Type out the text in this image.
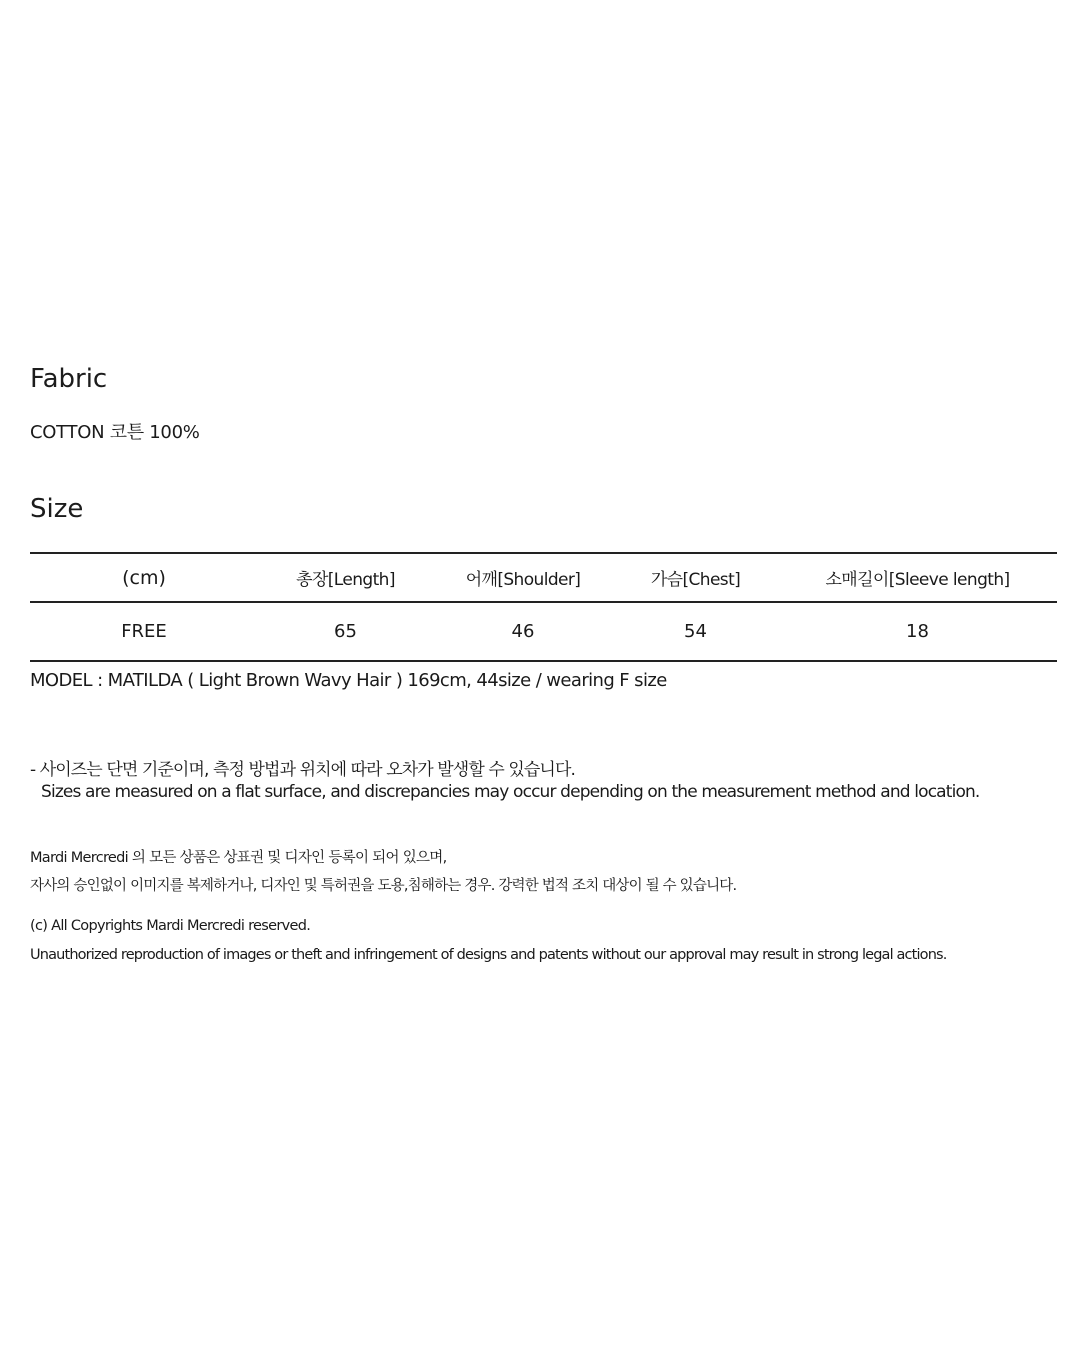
Fabric
COTTON 코튼 100%
Size
(cm)	총장[Length]	어깨[Shoulder]	가슴[Chest]	소매길이[Sleeve length]
FREE	65	46	54	18
MODEL : MATILDA ( Light Brown Wavy Hair ) 169cm, 44size / wearing F size
- 사이즈는 단면 기준이며, 측정 방법과 위치에 따라 오차가 발생할 수 있습니다.
Sizes are measured on a flat surface, and discrepancies may occur depending on the measurement method and location.
Mardi Mercredi 의 모든 상품은 상표권 및 디자인 등록이 되어 있으며,
자사의 승인없이 이미지를 복제하거나, 디자인 및 특허권을 도용,침해하는 경우. 강력한 법적 조치 대상이 될 수 있습니다.
(c) All Copyrights Mardi Mercredi reserved.
Unauthorized reproduction of images or theft and infringement of designs and patents without our approval may result in strong legal actions.
